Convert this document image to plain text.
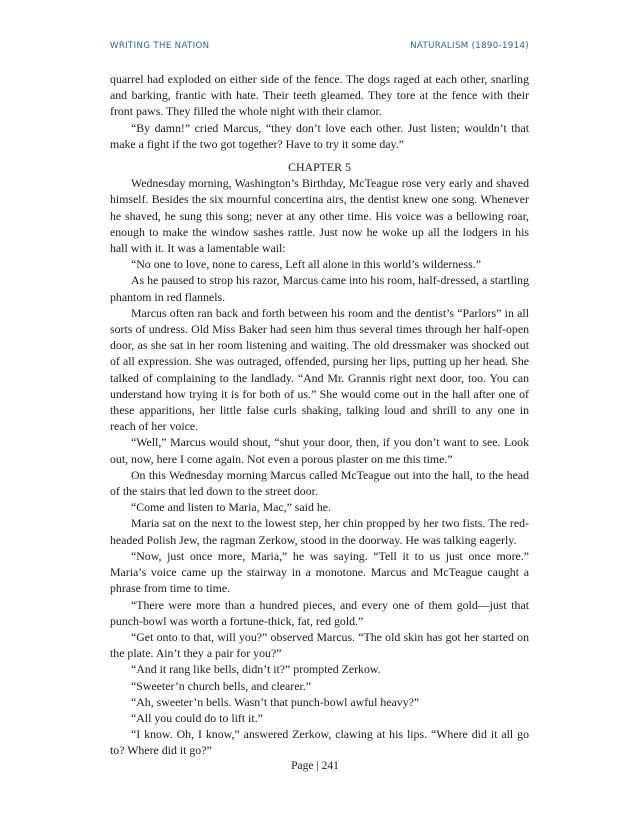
WRITING THE NATION	NATURALISM (1890-1914)

quarrel had exploded on either side of the fence. The dogs raged at each other, snarling and barking, frantic with hate. Their teeth gleamed. They tore at the fence with their front paws. They filled the whole night with their clamor.

“By damn!” cried Marcus, “they don’t love each other. Just listen; wouldn’t that make a fight if the two got together? Have to try it some day.”

CHAPTER 5

Wednesday morning, Washington’s Birthday, McTeague rose very early and shaved himself. Besides the six mournful concertina airs, the dentist knew one song. Whenever he shaved, he sung this song; never at any other time. His voice was a bellowing roar, enough to make the window sashes rattle. Just now he woke up all the lodgers in his hall with it. It was a lamentable wail:

“No one to love, none to caress, Left all alone in this world’s wilderness.”

As he paused to strop his razor, Marcus came into his room, half-dressed, a startling phantom in red flannels.

Marcus often ran back and forth between his room and the dentist’s “Parlors” in all sorts of undress. Old Miss Baker had seen him thus several times through her half-open door, as she sat in her room listening and waiting. The old dressmaker was shocked out of all expression. She was outraged, offended, pursing her lips, putting up her head. She talked of complaining to the landlady. “And Mr. Grannis right next door, too. You can understand how trying it is for both of us.” She would come out in the hall after one of these apparitions, her little false curls shaking, talking loud and shrill to any one in reach of her voice.

“Well,” Marcus would shout, “shut your door, then, if you don’t want to see. Look out, now, here I come again. Not even a porous plaster on me this time.”

On this Wednesday morning Marcus called McTeague out into the hall, to the head of the stairs that led down to the street door.

“Come and listen to Maria, Mac,” said he.

Maria sat on the next to the lowest step, her chin propped by her two fists. The red-headed Polish Jew, the ragman Zerkow, stood in the doorway. He was talking eagerly.

“Now, just once more, Maria,” he was saying. “Tell it to us just once more.” Maria’s voice came up the stairway in a monotone. Marcus and McTeague caught a phrase from time to time.

“There were more than a hundred pieces, and every one of them gold—just that punch-bowl was worth a fortune-thick, fat, red gold.”

“Get onto to that, will you?” observed Marcus. “The old skin has got her started on the plate. Ain’t they a pair for you?”

“And it rang like bells, didn’t it?” prompted Zerkow.

“Sweeter’n church bells, and clearer.”

“Ah, sweeter’n bells. Wasn’t that punch-bowl awful heavy?”

“All you could do to lift it.”

“I know. Oh, I know,” answered Zerkow, clawing at his lips. “Where did it all go to? Where did it go?”

Page | 241
